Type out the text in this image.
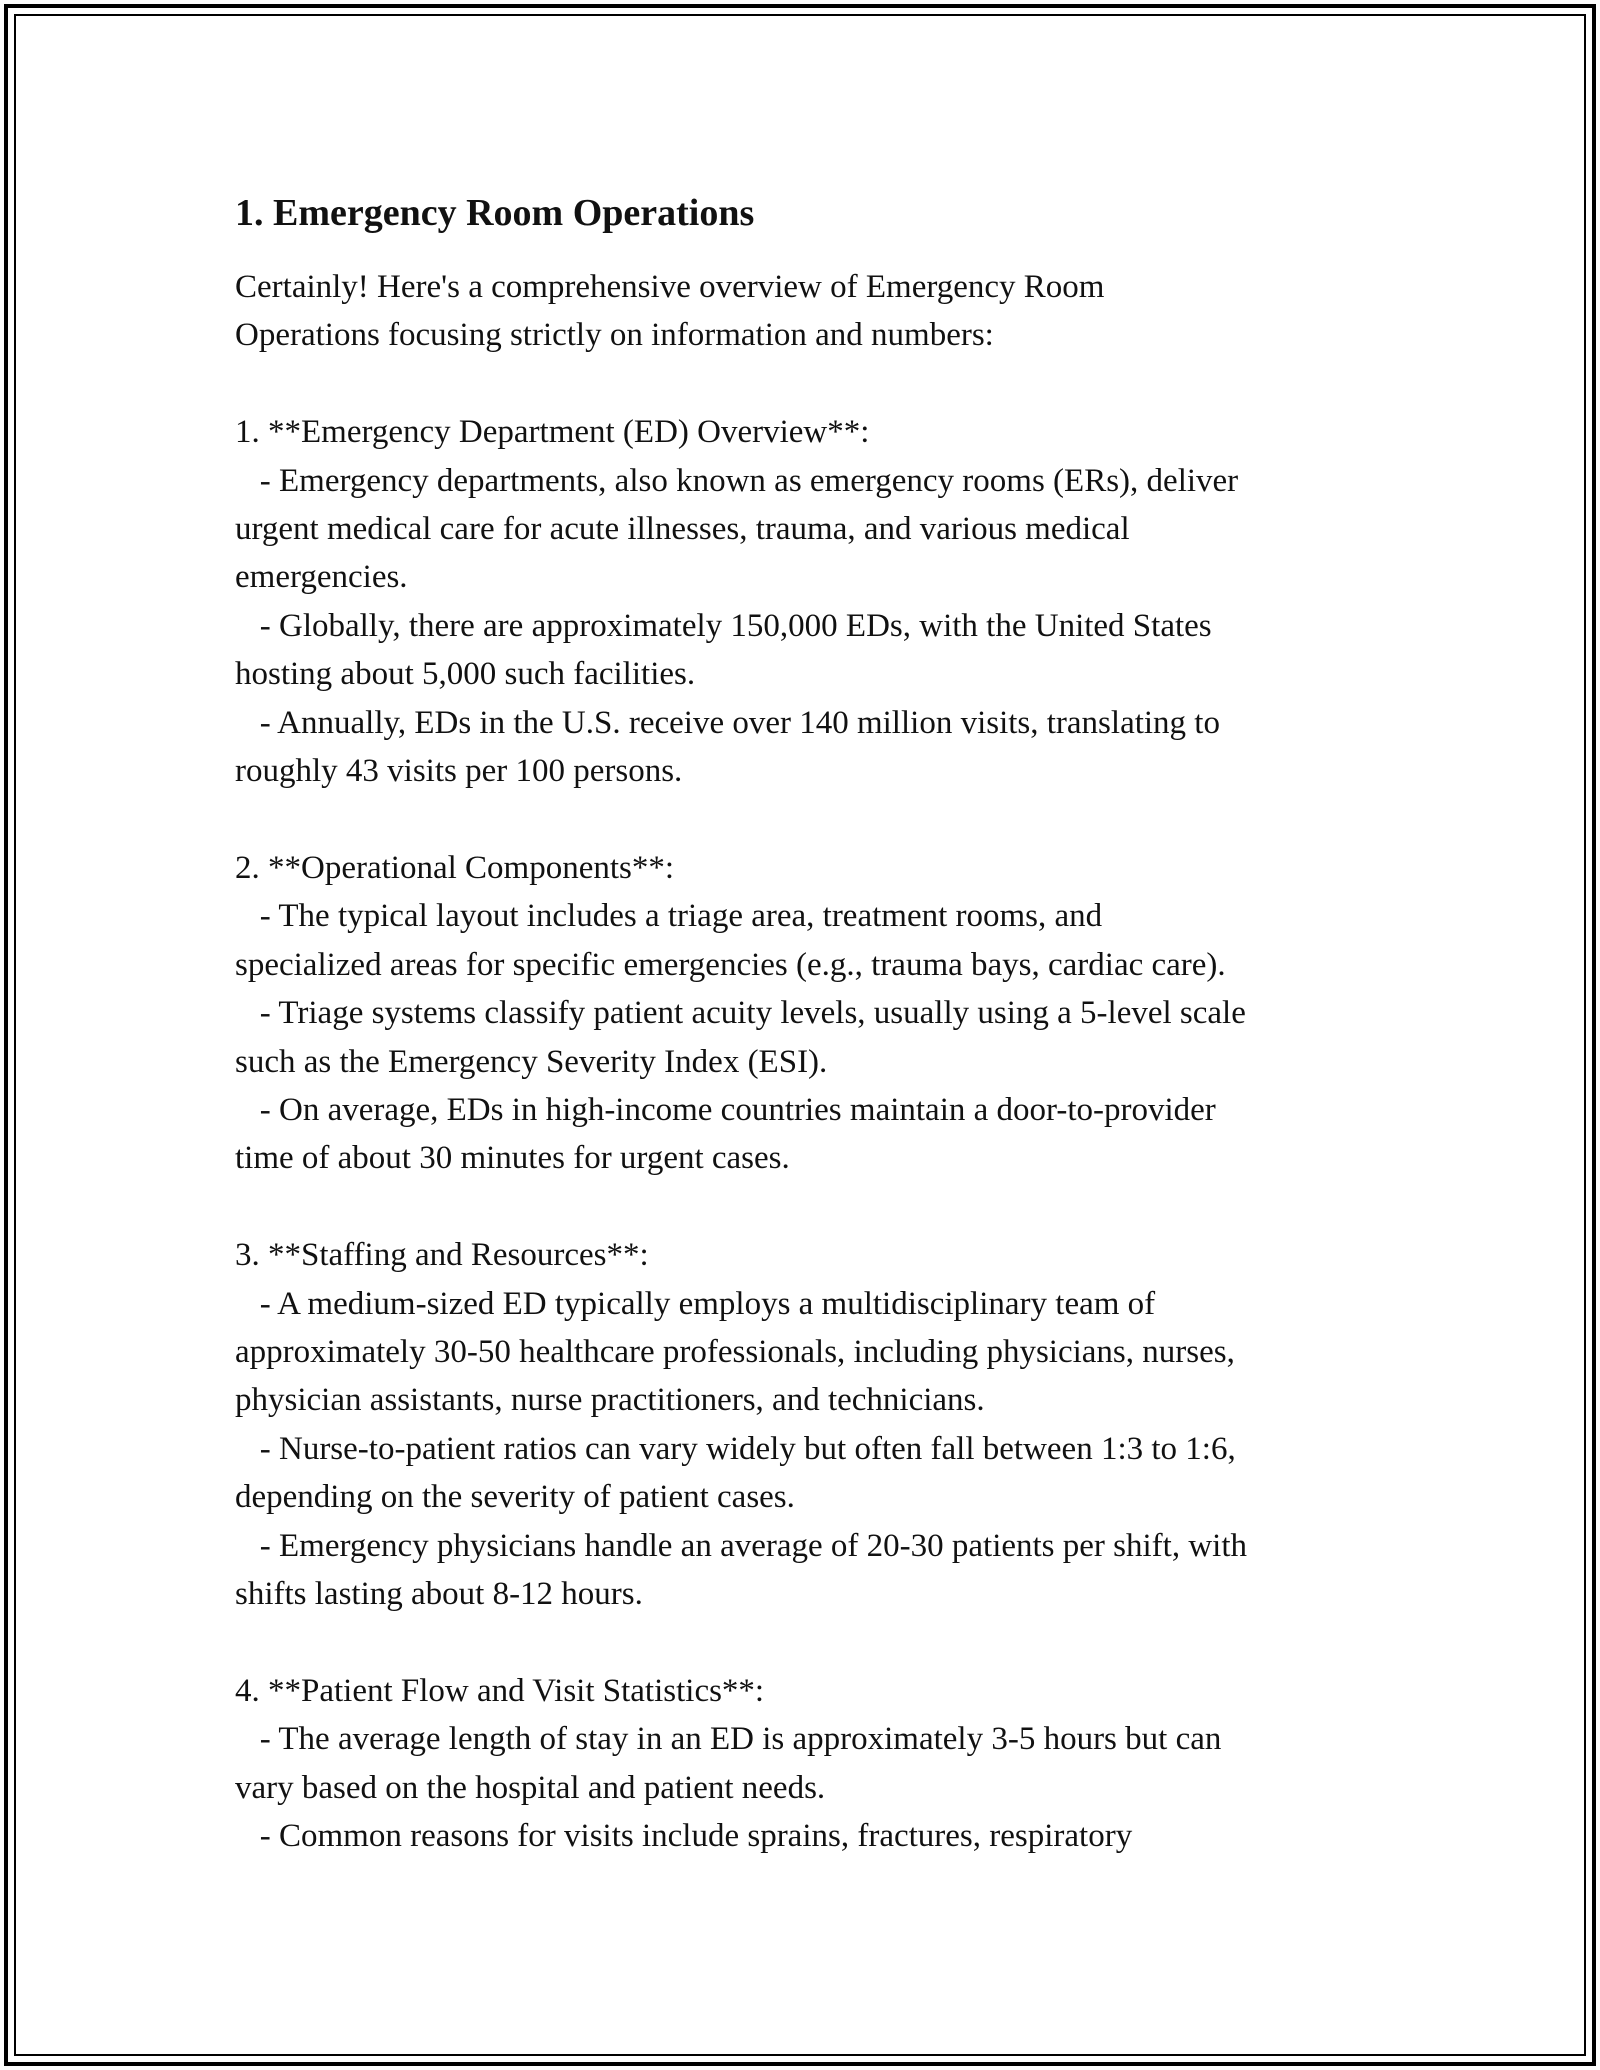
1. Emergency Room Operations

Certainly! Here's a comprehensive overview of Emergency Room
Operations focusing strictly on information and numbers:

1. **Emergency Department (ED) Overview**:
- Emergency departments, also known as emergency rooms (ERs), deliver
urgent medical care for acute illnesses, trauma, and various medical
emergencies.
- Globally, there are approximately 150,000 EDs, with the United States
hosting about 5,000 such facilities.
- Annually, EDs in the U.S. receive over 140 million visits, translating to
roughly 43 visits per 100 persons.

2. **Operational Components**:
- The typical layout includes a triage area, treatment rooms, and
specialized areas for specific emergencies (e.g., trauma bays, cardiac care).
- Triage systems classify patient acuity levels, usually using a 5-level scale
such as the Emergency Severity Index (ESI).
- On average, EDs in high-income countries maintain a door-to-provider
time of about 30 minutes for urgent cases.

3. **Staffing and Resources**:
- A medium-sized ED typically employs a multidisciplinary team of
approximately 30-50 healthcare professionals, including physicians, nurses,
physician assistants, nurse practitioners, and technicians.
- Nurse-to-patient ratios can vary widely but often fall between 1:3 to 1:6,
depending on the severity of patient cases.
- Emergency physicians handle an average of 20-30 patients per shift, with
shifts lasting about 8-12 hours.

4. **Patient Flow and Visit Statistics**:
- The average length of stay in an ED is approximately 3-5 hours but can
vary based on the hospital and patient needs.
- Common reasons for visits include sprains, fractures, respiratory
